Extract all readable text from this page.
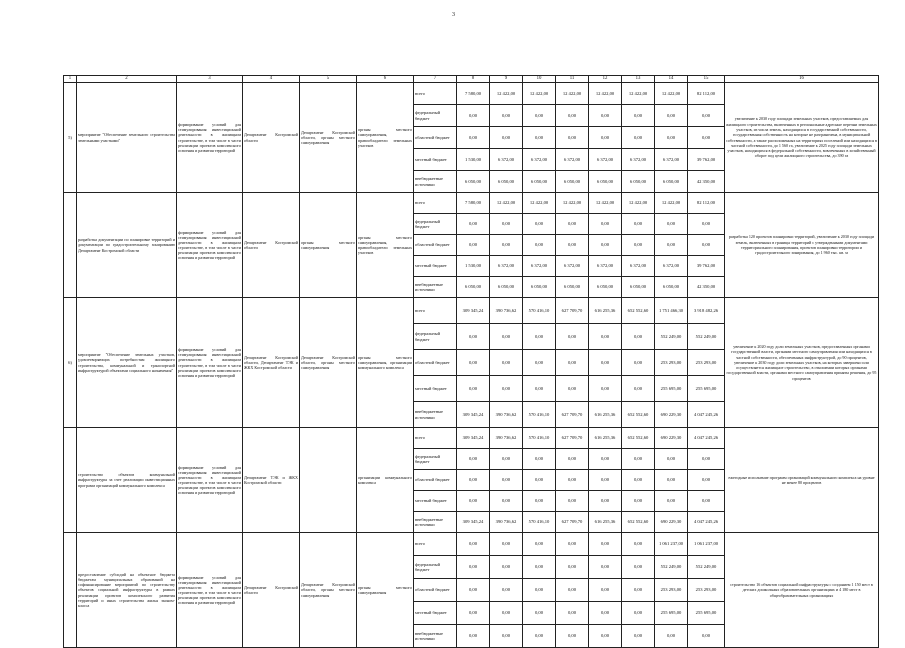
3
1	2	3	4	5	6	7	8	9	10	11	12	13	14	15	16
5)	мероприятие "Обеспечение земельного строительства земельными участками"	формирование условий для стимулирования инвестиционной деятельности в жилищном строительстве, в том числе в части реализации проектов комплексного освоения и развития территорий	Департамент Костромской области	Департамент Костромской области, органы местного самоуправления	органы местного самоуправления, правообладатели земельных участков	всего	7 580,00	12 422,00	12 422,00	12 422,00	12 422,00	12 422,00	12 422,00	82 112,00	увеличение к 2030 году площади земельных участков, предоставляемых для жилищного строительства, включенных в региональные адресные перечни земельных участков, из числа земель, находящихся в государственной собственности, государственная собственность на которые не разграничена, в муниципальной собственности, а также расположенных на территориях поселений или находящихся в частной собственности, до 1 560 га, увеличение к 2025 году площади земельных участков, находящихся в федеральной собственности, вовлеченных в хозяйственный оборот под цели жилищного строительства, до 390 га
						федеральный бюджет	0,00	0,00	0,00	0,00	0,00	0,00	0,00	0,00	
						областной бюджет	0,00	0,00	0,00	0,00	0,00	0,00	0,00	0,00	
						местный бюджет	1 530,00	6 372,00	6 372,00	6 372,00	6 372,00	6 372,00	6 372,00	39 762,00	
						внебюджетные источники	6 050,00	6 050,00	6 050,00	6 050,00	6 050,00	6 050,00	6 050,00	42 350,00	
	разработка документации по планировке территорий и документации по градостроительному зонированию Департамент Костромской области	формирование условий для стимулирования инвестиционной деятельности в жилищном строительстве, в том числе в части реализации проектов комплексного освоения и развития территорий	Департамент Костромской области	органы местного самоуправления	органы местного самоуправления, правообладатели земельных участков	всего	7 580,00	12 422,00	12 422,00	12 422,00	12 422,00	12 422,00	12 422,00	82 112,00	разработка 120 проектов планировки территорий, увеличение к 2030 году площади земель, включенных в границы территорий с утвержденными документами территориального планирования, проектов планировки территории и градостроительного зонирования, до 1 960 тыс. кв. м
						федеральный бюджет	0,00	0,00	0,00	0,00	0,00	0,00	0,00	0,00	
						областной бюджет	0,00	0,00	0,00	0,00	0,00	0,00	0,00	0,00	
						местный бюджет	1 530,00	6 372,00	6 372,00	6 372,00	6 372,00	6 372,00	6 372,00	39 762,00	
						внебюджетные источники	6 050,00	6 050,00	6 050,00	6 050,00	6 050,00	6 050,00	6 050,00	42 350,00	
6)	мероприятие "Обеспечение земельных участков, удовлетворяющих потребностям жилищного строительства, коммунальной и транспортной инфраструктурой объектами социального назначения"	формирование условий для стимулирования инвестиционной деятельности в жилищном строительстве, в том числе в части реализации проектов комплексного освоения и развития территорий	Департамент Костромской области, Департамент ТЭК и ЖКХ Костромской области	Департамент Костромской области, органы местного самоуправления	органы местного самоуправления, организации коммунального комплекса	всего	309 345,24	390 736,62	570 416,10	627 709,70	616 255,36	652 552,60	1 751 466,30	3 918 482,26	увеличение к 2020 году доли земельных участков, предоставленных органами государственной власти, органами местного самоуправления или находящихся в частной собственности, обеспеченных инфраструктурой, до 90 процентов, увеличение к 2030 году доли земельных участков, на которых завершено или осуществляется жилищное строительство, в отношении которых органами государственной власти, органами местного самоуправления приняты решения, до 95 процентов
						федеральный бюджет	0,00	0,00	0,00	0,00	0,00	0,00	552 249,00	552 249,00	
						областной бюджет	0,00	0,00	0,00	0,00	0,00	0,00	253 293,00	253 293,00	
						местный бюджет	0,00	0,00	0,00	0,00	0,00	0,00	255 695,00	255 695,00	
						внебюджетные источники	309 345,24	390 736,62	570 416,10	627 709,70	616 255,36	652 552,60	690 229,30	4 047 245,26	
	строительство объектов коммунальной инфраструктуры за счет реализации инвестиционных программ организаций коммунального комплекса	формирование условий для стимулирования инвестиционной деятельности в жилищном строительстве, в том числе в части реализации проектов комплексного освоения и развития территорий	Департамент ТЭК и ЖКХ Костромской области		организации коммунального комплекса	всего	309 345,24	390 736,62	570 416,10	627 709,70	616 255,36	652 552,60	690 229,30	4 047 245,26	ежегодные исполнение программ организаций коммунального комплекса на уровне не менее 80 процентов
						федеральный бюджет	0,00	0,00	0,00	0,00	0,00	0,00	0,00	0,00	
						областной бюджет	0,00	0,00	0,00	0,00	0,00	0,00	0,00	0,00	
						местный бюджет	0,00	0,00	0,00	0,00	0,00	0,00	0,00	0,00	
						внебюджетные источники	309 345,24	390 736,62	570 416,10	627 709,70	616 255,36	652 552,60	690 229,30	4 047 245,26	
	предоставление субсидий на объектное бюджета бюджетам муниципальных образований на софинансирование мероприятий по строительству объектов социальной инфраструктуры в рамках реализации проектов комплексного развития территорий и иных строительства жилья эконом-класса	формирование условий для стимулирования инвестиционной деятельности в жилищном строительстве, в том числе в части реализации проектов комплексного освоения и развития территорий	Департамент Костромской области	Департамент Костромской области, органы местного самоуправления	органы местного самоуправления	всего	0,00	0,00	0,00	0,00	0,00	0,00	1 061 237,00	1 061 237,00	строительство 16 объектов социальной инфраструктуры с созданием 1 150 мест в детских дошкольных образовательных организациях и 4 180 мест в общеобразовательных организациях
						федеральный бюджет	0,00	0,00	0,00	0,00	0,00	0,00	552 249,00	552 249,00	
						областной бюджет	0,00	0,00	0,00	0,00	0,00	0,00	253 293,00	253 293,00	
						местный бюджет	0,00	0,00	0,00	0,00	0,00	0,00	255 695,00	255 695,00	
						внебюджетные источники	0,00	0,00	0,00	0,00	0,00	0,00	0,00	0,00	
